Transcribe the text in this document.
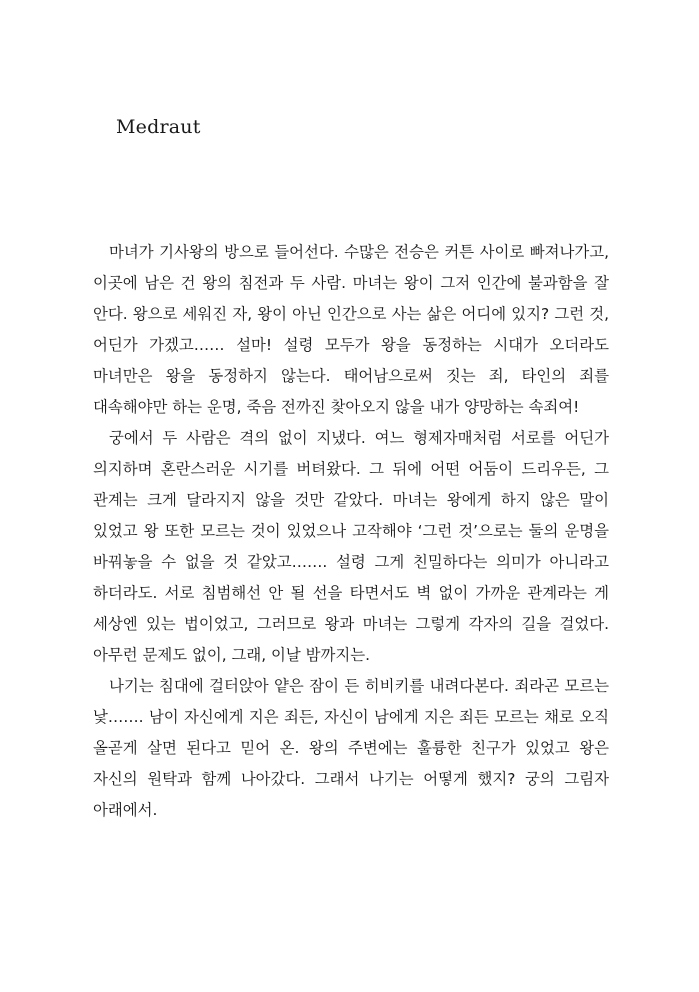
Medraut

마녀가 기사왕의 방으로 들어선다. 수많은 전승은 커튼 사이로 빠져나가고, 이곳에 남은 건 왕의 침전과 두 사람. 마녀는 왕이 그저 인간에 불과함을 잘 안다. 왕으로 세워진 자, 왕이 아닌 인간으로 사는 삶은 어디에 있지? 그런 것, 어딘가 가겠고…… 설마! 설령 모두가 왕을 동정하는 시대가 오더라도 마녀만은 왕을 동정하지 않는다. 태어남으로써 짓는 죄, 타인의 죄를 대속해야만 하는 운명, 죽음 전까진 찾아오지 않을 내가 양망하는 속죄여!

궁에서 두 사람은 격의 없이 지냈다. 여느 형제자매처럼 서로를 어딘가 의지하며 혼란스러운 시기를 버텨왔다. 그 뒤에 어떤 어둠이 드리우든, 그 관계는 크게 달라지지 않을 것만 같았다. 마녀는 왕에게 하지 않은 말이 있었고 왕 또한 모르는 것이 있었으나 고작해야 ‘그런 것’으로는 둘의 운명을 바꿔놓을 수 없을 것 같았고……. 설령 그게 친밀하다는 의미가 아니라고 하더라도. 서로 침범해선 안 될 선을 타면서도 벽 없이 가까운 관계라는 게 세상엔 있는 법이었고, 그러므로 왕과 마녀는 그렇게 각자의 길을 걸었다. 아무런 문제도 없이, 그래, 이날 밤까지는.

나기는 침대에 걸터앉아 얕은 잠이 든 히비키를 내려다본다. 죄라곤 모르는 낯……. 남이 자신에게 지은 죄든, 자신이 남에게 지은 죄든 모르는 채로 오직 올곧게 살면 된다고 믿어 온. 왕의 주변에는 훌륭한 친구가 있었고 왕은 자신의 원탁과 함께 나아갔다. 그래서 나기는 어떻게 했지? 궁의 그림자 아래에서.
